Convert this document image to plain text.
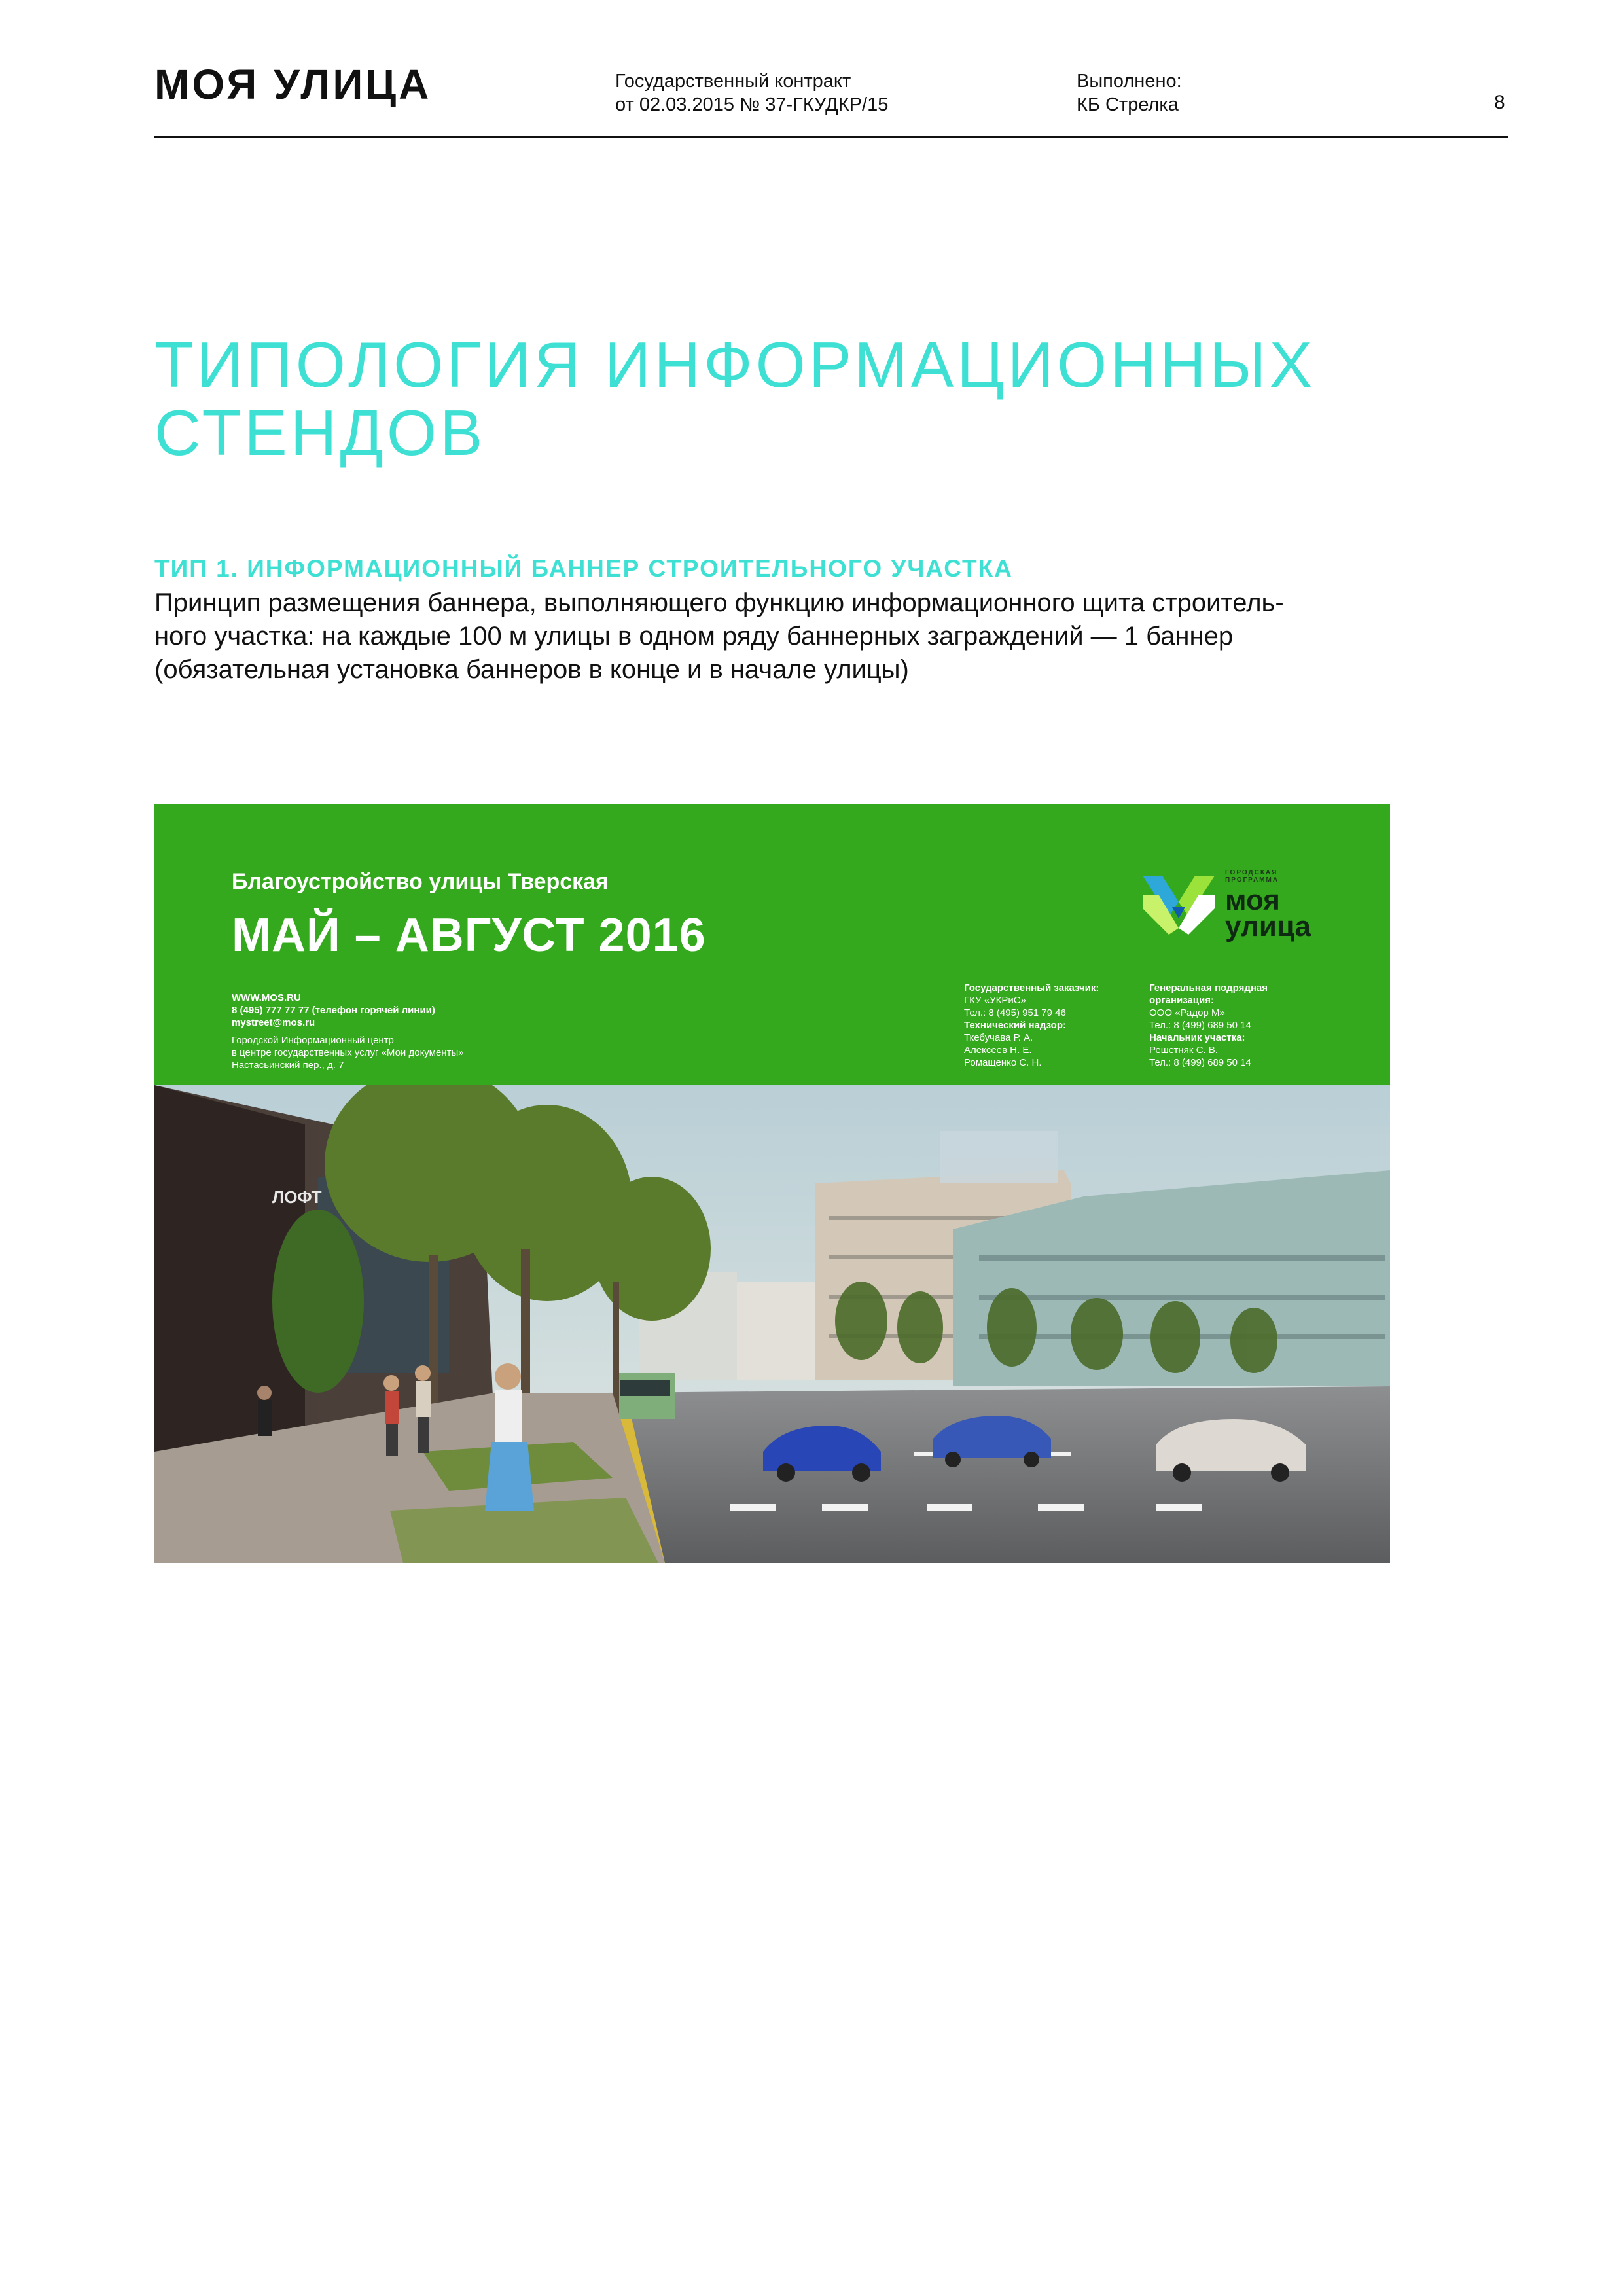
МОЯ УЛИЦА	Государственный контракт
от 02.03.2015 № 37-ГКУДКР/15
Выполнено:
КБ Стрелка	8
ТИПОЛОГИЯ ИНФОРМАЦИОННЫХ
СТЕНДОВ
ТИП 1. ИНФОРМАЦИОННЫЙ БАННЕР СТРОИТЕЛЬНОГО УЧАСТКА
Принцип размещения баннера, выполняющего функцию информационного щита строитель-
ного участка: на каждые 100 м улицы в одном ряду баннерных заграждений — 1 баннер
(обязательная установка баннеров в конце и в начале улицы)
Благоустройство улицы Тверская
МАЙ – АВГУСТ 2016
WWW.MOS.RU
8 (495) 777 77 77 (телефон горячей линии)
mystreet@mos.ru
Городской Информационный центр
в центре государственных услуг «Мои документы»
Настасьинский пер., д. 7
Государственный заказчик:
ГКУ «УКРиС»
Тел.: 8 (495) 951 79 46
Технический надзор:
Ткебучава Р. А.
Алексеев Н. Е.
Ромащенко С. Н.
Генеральная подрядная
организация:
ООО «Радор М»
Тел.: 8 (499) 689 50 14
Начальник участка:
Решетняк С. В.
Тел.: 8 (499) 689 50 14
ГОРОДСКАЯ
ПРОГРАММА
моя
улица
ЛОФТ
